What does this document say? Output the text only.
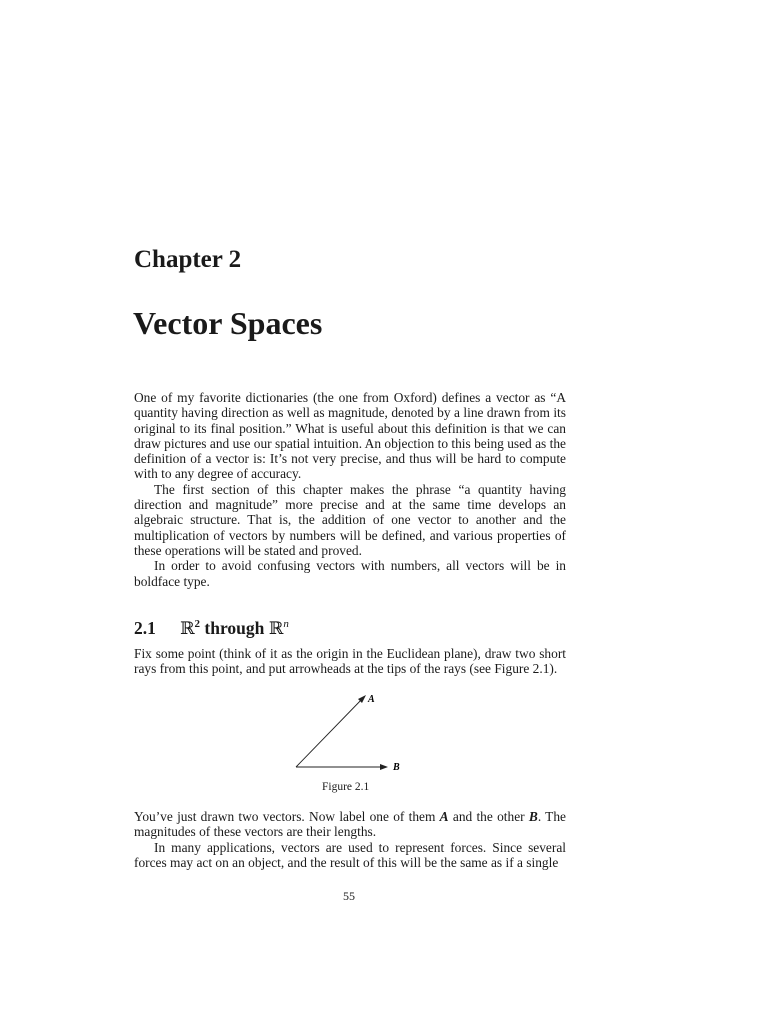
Chapter 2
Vector Spaces

One of my favorite dictionaries (the one from Oxford) defines a vector as “A quantity having direction as well as magnitude, denoted by a line drawn from its original to its final position.” What is useful about this definition is that we can draw pictures and use our spatial intuition. An objection to this being used as the definition of a vector is: It’s not very precise, and thus will be hard to compute with to any degree of accuracy.

The first section of this chapter makes the phrase “a quantity having direction and magnitude” more precise and at the same time develops an algebraic structure. That is, the addition of one vector to another and the multiplication of vectors by numbers will be defined, and various properties of these operations will be stated and proved.

In order to avoid confusing vectors with numbers, all vectors will be in boldface type.

2.1 ℝ$^2$ through ℝ$^n$

Fix some point (think of it as the origin in the Euclidean plane), draw two short rays from this point, and put arrowheads at the tips of the rays (see Figure 2.1).

A
B
Figure 2.1

You’ve just drawn two vectors. Now label one of them A and the other B. The magnitudes of these vectors are their lengths.

In many applications, vectors are used to represent forces. Since several forces may act on an object, and the result of this will be the same as if a single

55
